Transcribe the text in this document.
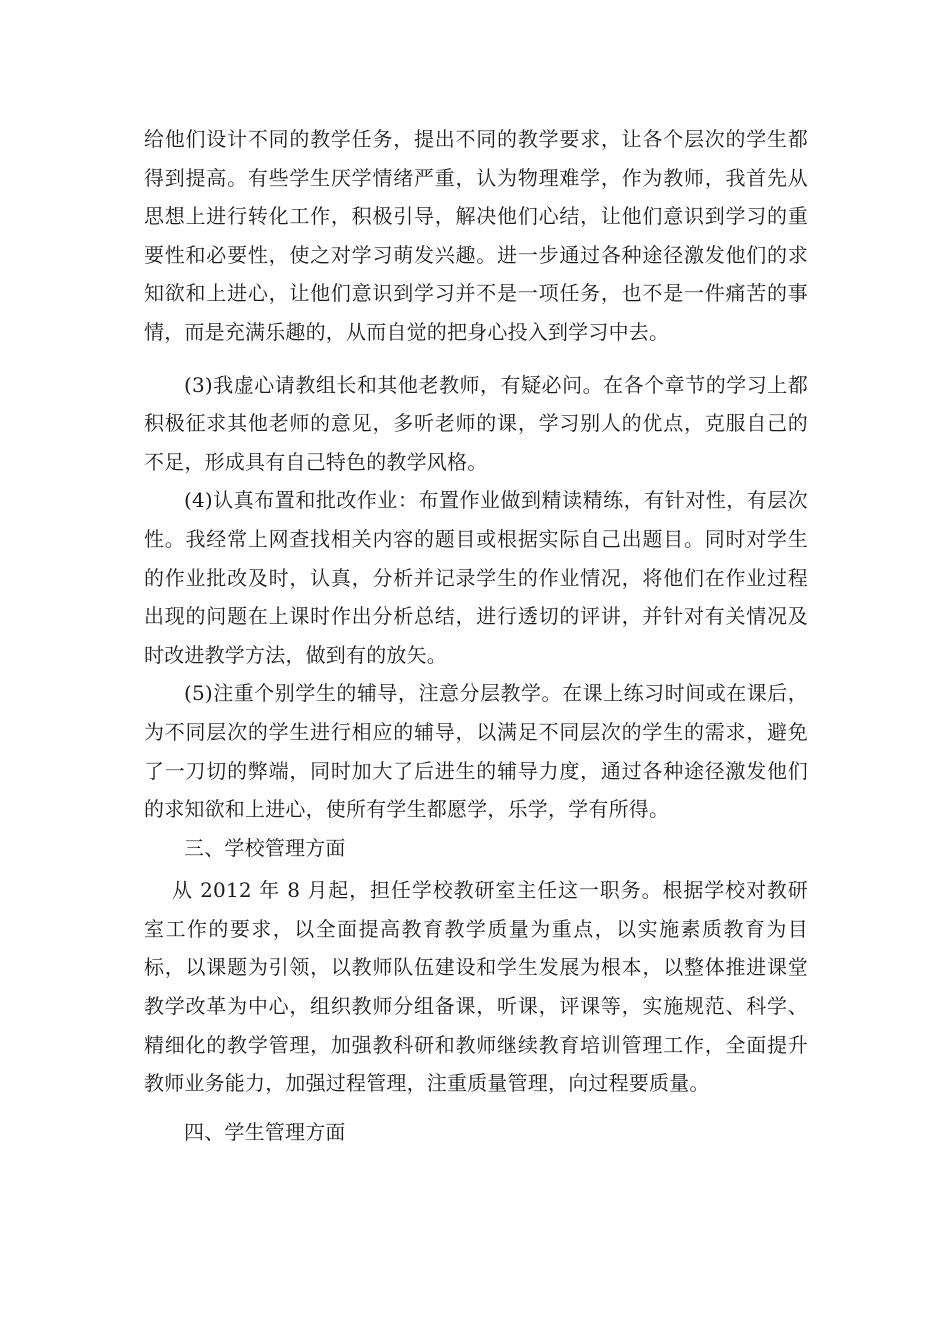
给他们设计不同的教学任务，提出不同的教学要求，让各个层次的学生都得到提高。有些学生厌学情绪严重，认为物理难学，作为教师，我首先从思想上进行转化工作，积极引导，解决他们心结，让他们意识到学习的重要性和必要性，使之对学习萌发兴趣。进一步通过各种途径激发他们的求知欲和上进心，让他们意识到学习并不是一项任务，也不是一件痛苦的事情，而是充满乐趣的，从而自觉的把身心投入到学习中去。

(3)我虚心请教组长和其他老教师，有疑必问。在各个章节的学习上都积极征求其他老师的意见，多听老师的课，学习别人的优点，克服自己的不足，形成具有自己特色的教学风格。

(4)认真布置和批改作业：布置作业做到精读精练，有针对性，有层次性。我经常上网查找相关内容的题目或根据实际自己出题目。同时对学生的作业批改及时，认真，分析并记录学生的作业情况，将他们在作业过程出现的问题在上课时作出分析总结，进行透切的评讲，并针对有关情况及时改进教学方法，做到有的放矢。

(5)注重个别学生的辅导，注意分层教学。在课上练习时间或在课后，为不同层次的学生进行相应的辅导，以满足不同层次的学生的需求，避免了一刀切的弊端，同时加大了后进生的辅导力度，通过各种途径激发他们的求知欲和上进心，使所有学生都愿学，乐学，学有所得。

三、学校管理方面

从 2012 年 8 月起，担任学校教研室主任这一职务。根据学校对教研室工作的要求，以全面提高教育教学质量为重点，以实施素质教育为目标，以课题为引领，以教师队伍建设和学生发展为根本，以整体推进课堂教学改革为中心，组织教师分组备课，听课，评课等，实施规范、科学、精细化的教学管理，加强教科研和教师继续教育培训管理工作，全面提升教师业务能力，加强过程管理，注重质量管理，向过程要质量。

四、学生管理方面
